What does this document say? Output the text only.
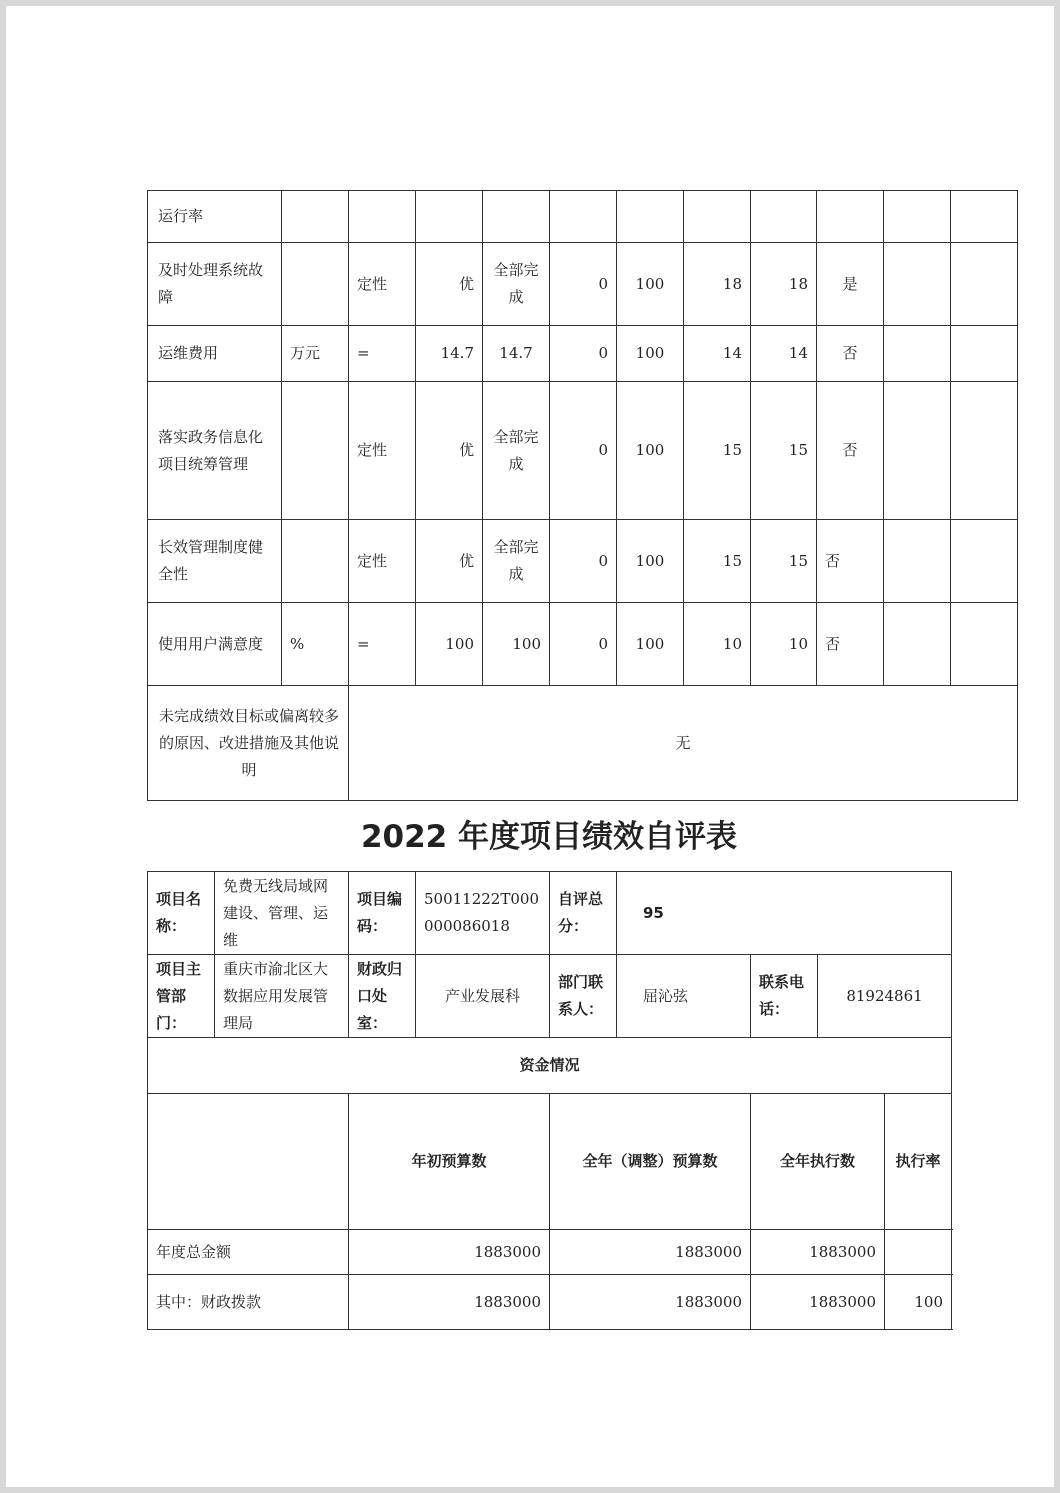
运行率											
及时处理系统故障		定性	优	全部完成	0	100	18	18	是		
运维费用	万元	=	14.7	14.7	0	100	14	14	否		
落实政务信息化项目统筹管理		定性	优	全部完成	0	100	15	15	否		
长效管理制度健全性		定性	优	全部完成	0	100	15	15	否		
使用用户满意度	%	=	100	100	0	100	10	10	否		
未完成绩效目标或偏离较多的原因、改进措施及其他说明		无									
2022 年度项目绩效自评表
项目名称：	免费无线局域网建设、管理、运维	项目编码：	50011222T000000086018	自评总分：	95				
项目主管部门：	重庆市渝北区大数据应用发展管理局	财政归口处室：	产业发展科	部门联系人：	屈沁弦	联系电话：	81924861		
资金情况									
		年初预算数		全年（调整）预算数		全年执行数		执行率		
年度总金额		1883000		1883000		1883000			
其中：财政拨款		1883000		1883000		1883000		100		
